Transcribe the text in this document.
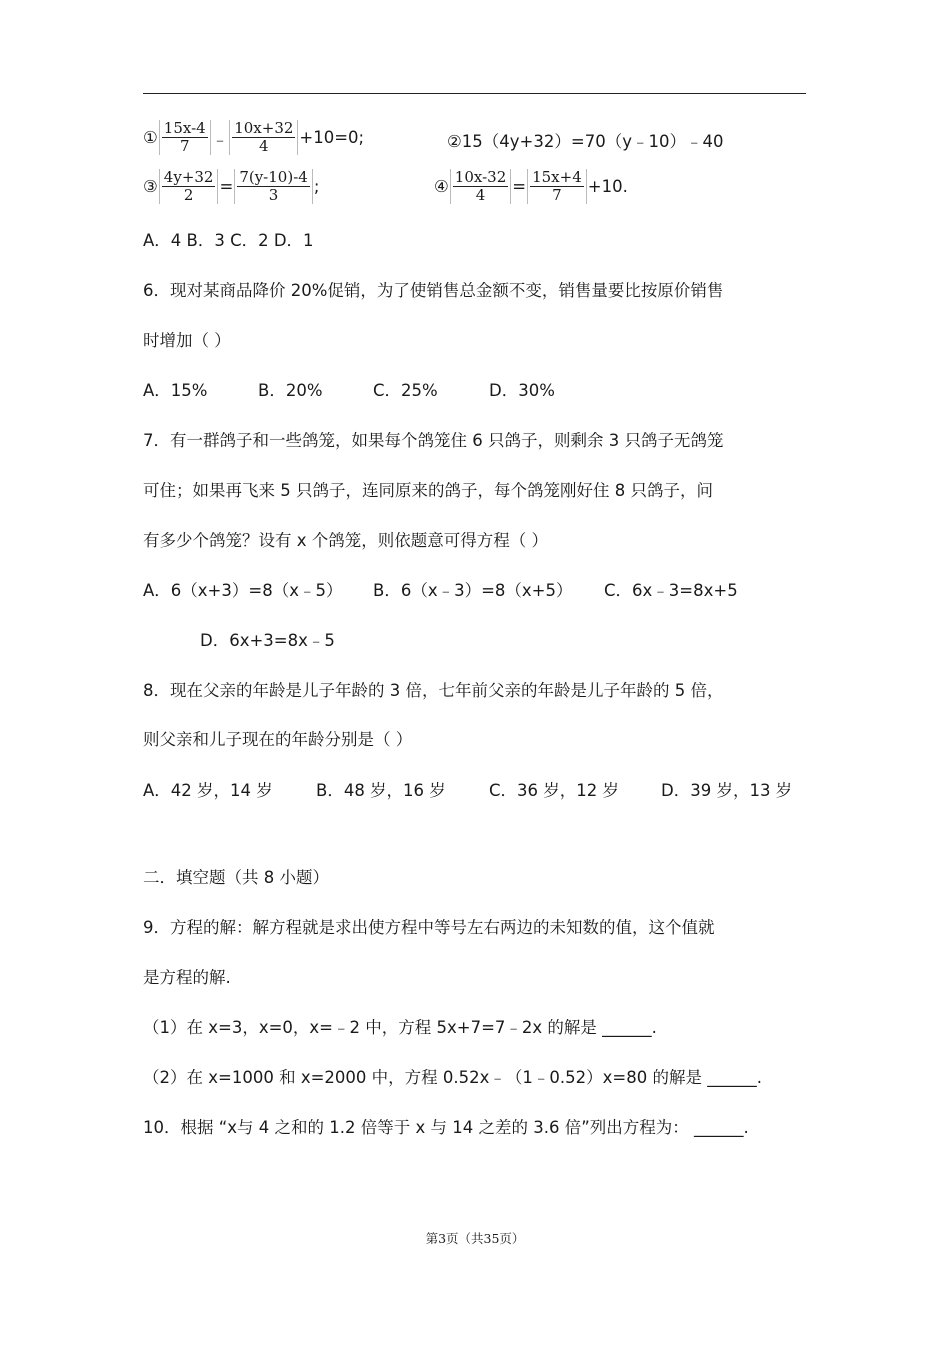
① $\frac{15x-4}{7}$ ﹣ $\frac{10x+32}{4} +10=0$;	②15（4y+32）=70（y﹣10）﹣40
③ $\frac{4y+32}{2} = \frac{7(y-10)-4}{3}$ ;	④ $\frac{10x-32}{4} = \frac{15x+4}{7} +10$.
A．4 B．3 C．2 D．1
6．现对某商品降价 20%促销，为了使销售总金额不变，销售量要比按原价销售
时增加（ ）
A．15%	B．20%	C．25%	D．30%
7．有一群鸽子和一些鸽笼，如果每个鸽笼住 6 只鸽子，则剩余 3 只鸽子无鸽笼
可住；如果再飞来 5 只鸽子，连同原来的鸽子，每个鸽笼刚好住 8 只鸽子，问
有多少个鸽笼？设有 x 个鸽笼，则依题意可得方程（ ）
A．6（x+3）=8（x﹣5） B．6（x﹣3）=8（x+5） C．6x﹣3=8x+5
D．6x+3=8x﹣5
8．现在父亲的年龄是儿子年龄的 3 倍，七年前父亲的年龄是儿子年龄的 5 倍，
则父亲和儿子现在的年龄分别是（ ）
A．42 岁，14 岁	B．48 岁，16 岁	C．36 岁，12 岁	D．39 岁，13 岁
二．填空题（共 8 小题）
9．方程的解：解方程就是求出使方程中等号左右两边的未知数的值，这个值就
是方程的解.
（1）在 x=3，x=0，x=﹣2 中，方程 5x+7=7﹣2x 的解是 ______.
（2）在 x=1000 和 x=2000 中，方程 0.52x﹣（1﹣0.52）x=80 的解是 ______.
10．根据 “x与 4 之和的 1.2 倍等于 x 与 14 之差的 3.6 倍”列出方程为： ______.
第3页（共35页）
